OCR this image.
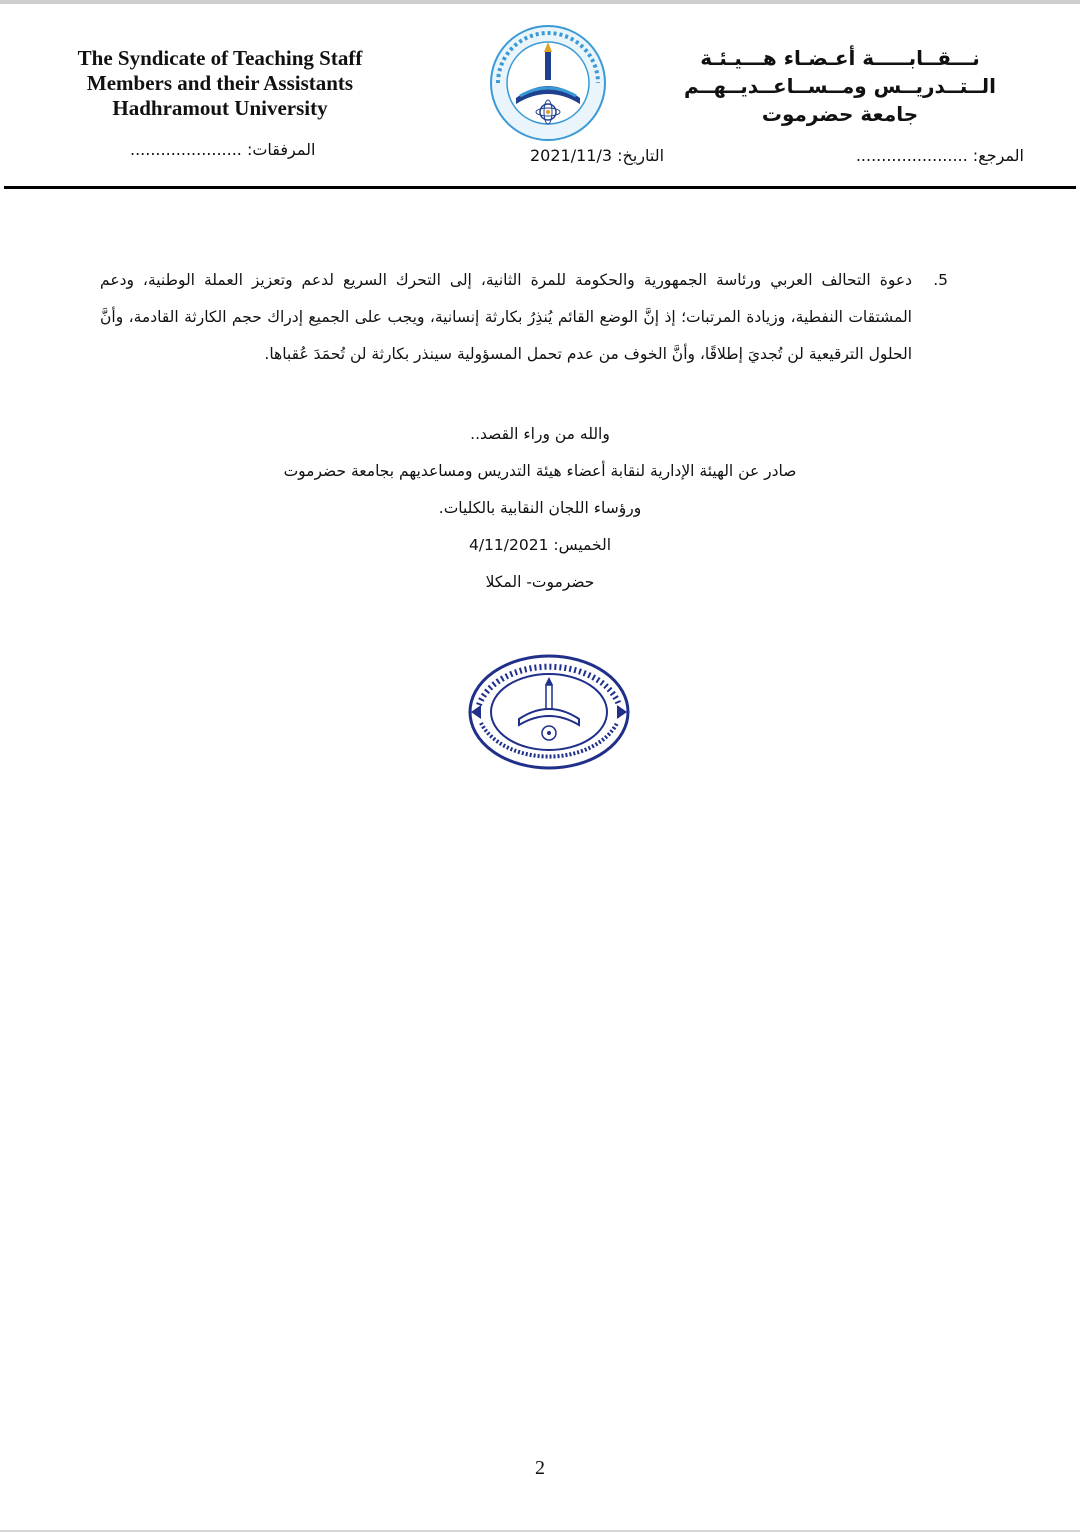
The Syndicate of Teaching Staff
Members and their Assistants
Hadhramout University
نـــقــابـــــة أعـضـاء هـــيـئـة
الــتــدريــس ومــســاعــديــهــم
جامعة حضرموت
المرفقات: ......................	التاريخ: 2021/11/3	المرجع: ......................
5.
دعوة التحالف العربي ورئاسة الجمهورية والحكومة للمرة الثانية، إلى التحرك السريع لدعم وتعزيز العملة الوطنية، ودعم المشتقات النفطية، وزيادة المرتبات؛ إذ إنَّ الوضع القائم يُنذِرُ بكارثة إنسانية، ويجب على الجميع إدراك حجم الكارثة القادمة، وأنَّ الحلول الترقيعية لن تُجديَ إطلاقًا، وأنَّ الخوف من عدم تحمل المسؤولية سينذر بكارثة لن تُحمَدَ عُقباها.
والله من وراء القصد..
صادر عن الهيئة الإدارية لنقابة أعضاء هيئة التدريس ومساعديهم بجامعة حضرموت
ورؤساء اللجان النقابية بالكليات.
الخميس: 4/11/2021
حضرموت- المكلا
2
